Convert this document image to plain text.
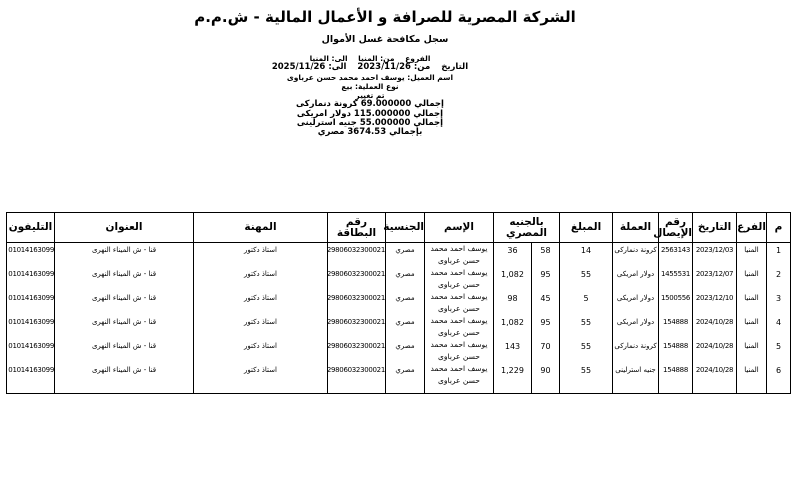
الشركة المصرية للصرافة و الأعمال المالية - ش.م.م
سجل مكافحة غسل الأموال
الفروع من: المنيا الى: المنيا
التاريخ من: 2023/11/26 الى: 2025/11/26
اسم العميل: يوسف احمد محمد حسن عرباوى
نوع العملية: بيع
تم تغيير
إجمالي 69.000000 كرونة دنماركى
إجمالي 115.000000 دولار امريكى
إجمالي 55.000000 جنيه استرلينى
بإجمالي 3674.53 مصري
م	الفرع	التاريخ	رقم الإيصال	العملة	المبلغ	بالجنيه المصري		الإسم	الجنسية	رقم البطاقة	المهنة	العنوان	التليفون
1	المنيا	2023/12/03	2563143	كرونة دنماركى	14	58	36	يوسف احمد محمد حسن عرباوى	مصري	29806032300021	استاذ دكتور	قنا - ش الميناء النهرى	01014163099
2	المنيا	2023/12/07	1455531	دولار امريكى	55	95	1,082	يوسف احمد محمد حسن عرباوى	مصري	29806032300021	استاذ دكتور	قنا - ش الميناء النهرى	01014163099
3	المنيا	2023/12/10	1500556	دولار امريكى	5	45	98	يوسف احمد محمد حسن عرباوى	مصري	29806032300021	استاذ دكتور	قنا - ش الميناء النهرى	01014163099
4	المنيا	2024/10/28	154888	دولار امريكى	55	95	1,082	يوسف احمد محمد حسن عرباوى	مصري	29806032300021	استاذ دكتور	قنا - ش الميناء النهرى	01014163099
5	المنيا	2024/10/28	154888	كرونة دنماركى	55	70	143	يوسف احمد محمد حسن عرباوى	مصري	29806032300021	استاذ دكتور	قنا - ش الميناء النهرى	01014163099
6	المنيا	2024/10/28	154888	جنيه استرلينى	55	90	1,229	يوسف احمد محمد حسن عرباوى	مصري	29806032300021	استاذ دكتور	قنا - ش الميناء النهرى	01014163099
